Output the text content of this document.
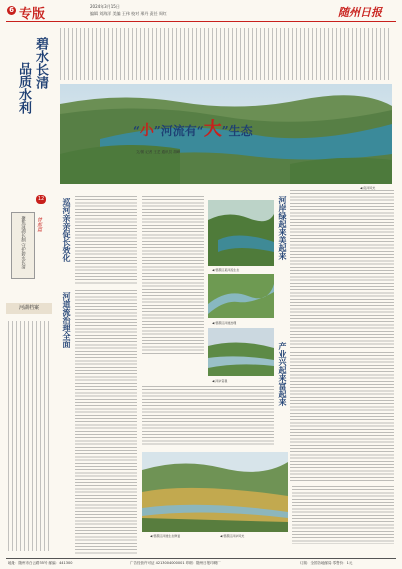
6 专版
2024年3月15日
编辑 刘海洋 美编 王伟 校对 邢丹 责任 周红	随州日报
碧水长清
品质水利
12
曾都篇
聚焦河湖长制 守护碧水长清
河湖档案
“小”河流有“大”生态
文/图 记者 王艺 通讯员 胡峰
◀ 府河风光
巡河亲亲促长效化
河道流治理全面
◀ 曾都区某河流生态
◀ 曾都区河道治理
◀ 河岸景观
河岸绿起来美起来
产业兴起来富起来
◀ 曾都区河道生态修复	◀ 曾都区河岸风光
地址：随州市白云路35号 邮编：441300	广告经营许可证 4213004000001 印刷：随州日报印刷厂	订阅：全国各地邮局 零售价：1元
